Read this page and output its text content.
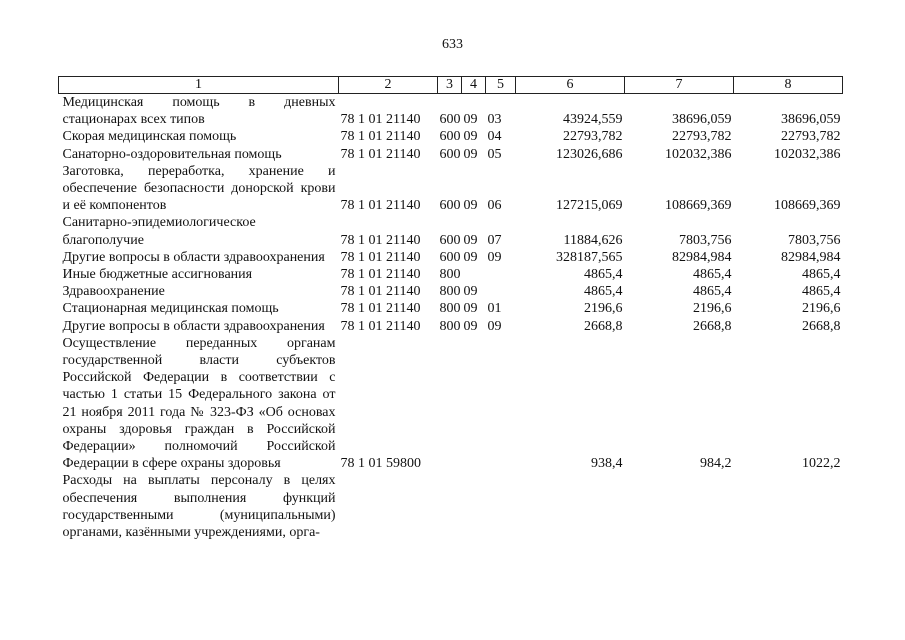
633
1	2	3	4	5	6	7	8
Медицинская помощь в дневных стационарах всех типов	78 1 01 21140	600	09	03	43924,559	38696,059	38696,059
Скорая медицинская помощь	78 1 01 21140	600	09	04	22793,782	22793,782	22793,782
Санаторно-оздоровительная помощь	78 1 01 21140	600	09	05	123026,686	102032,386	102032,386
Заготовка, переработка, хранение и обеспечение безопасности донорской крови и её компонентов	78 1 01 21140	600	09	06	127215,069	108669,369	108669,369
Санитарно-эпидемиологическое благополучие	78 1 01 21140	600	09	07	11884,626	7803,756	7803,756
Другие вопросы в области здравоохранения	78 1 01 21140	600	09	09	328187,565	82984,984	82984,984
Иные бюджетные ассигнования	78 1 01 21140	800			4865,4	4865,4	4865,4
Здравоохранение	78 1 01 21140	800	09		4865,4	4865,4	4865,4
Стационарная медицинская помощь	78 1 01 21140	800	09	01	2196,6	2196,6	2196,6
Другие вопросы в области здравоохранения	78 1 01 21140	800	09	09	2668,8	2668,8	2668,8
Осуществление переданных органам государственной власти субъектов Российской Федерации в соответствии с частью 1 статьи 15 Федерального закона от 21 ноября 2011 года № 323-ФЗ «Об основах охраны здоровья граждан в Российской Федерации» полномочий Российской Федерации в сфере охраны здоровья	78 1 01 59800				938,4	984,2	1022,2
Расходы на выплаты персоналу в целях обеспечения выполнения функций государственными (муниципальными) органами, казёнными учреждениями, орга-							
